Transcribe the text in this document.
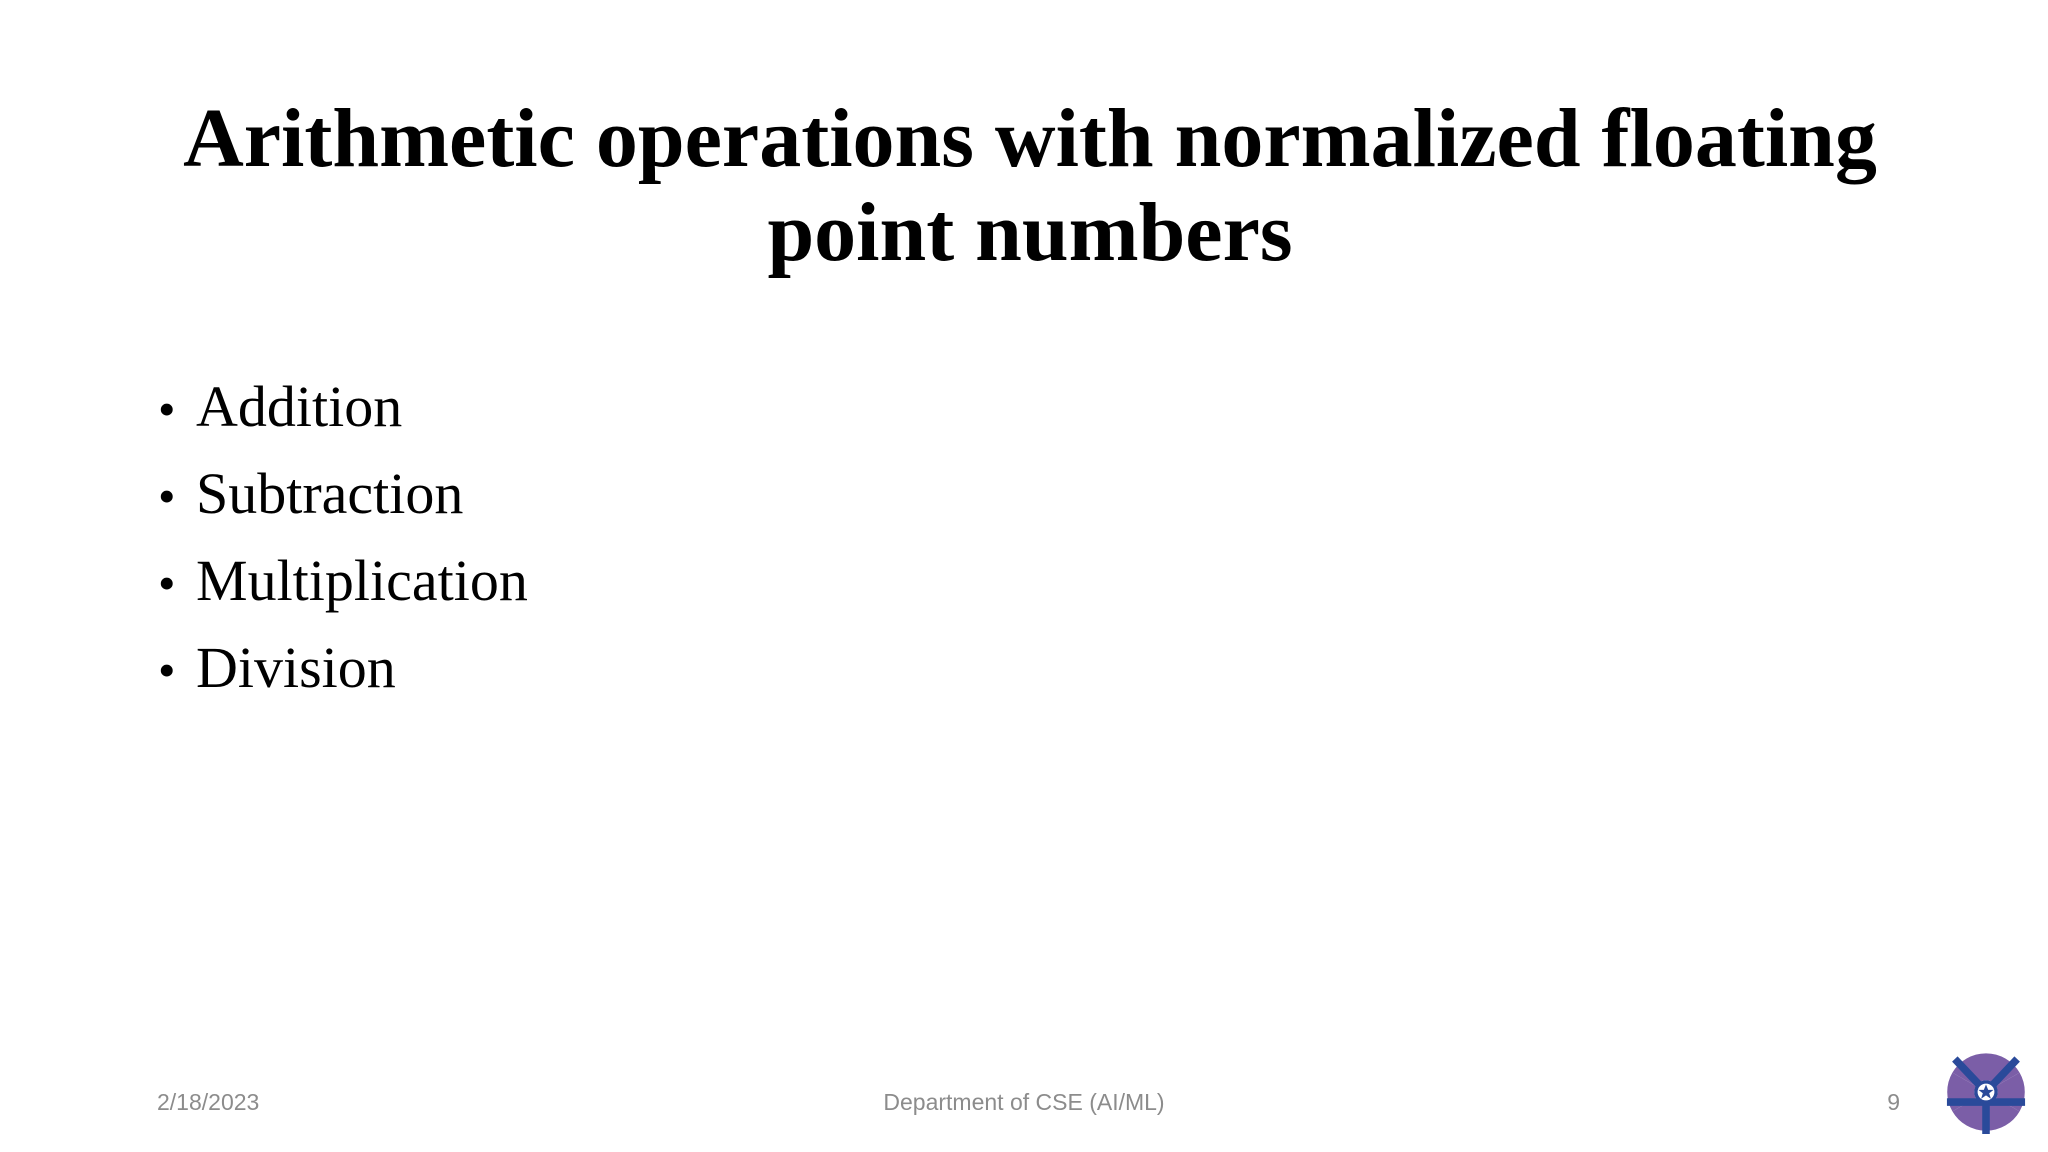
Arithmetic operations with normalized floating point numbers
• Addition
• Subtraction
• Multiplication
• Division
2/18/2023	Department of CSE (AI/ML)	9
